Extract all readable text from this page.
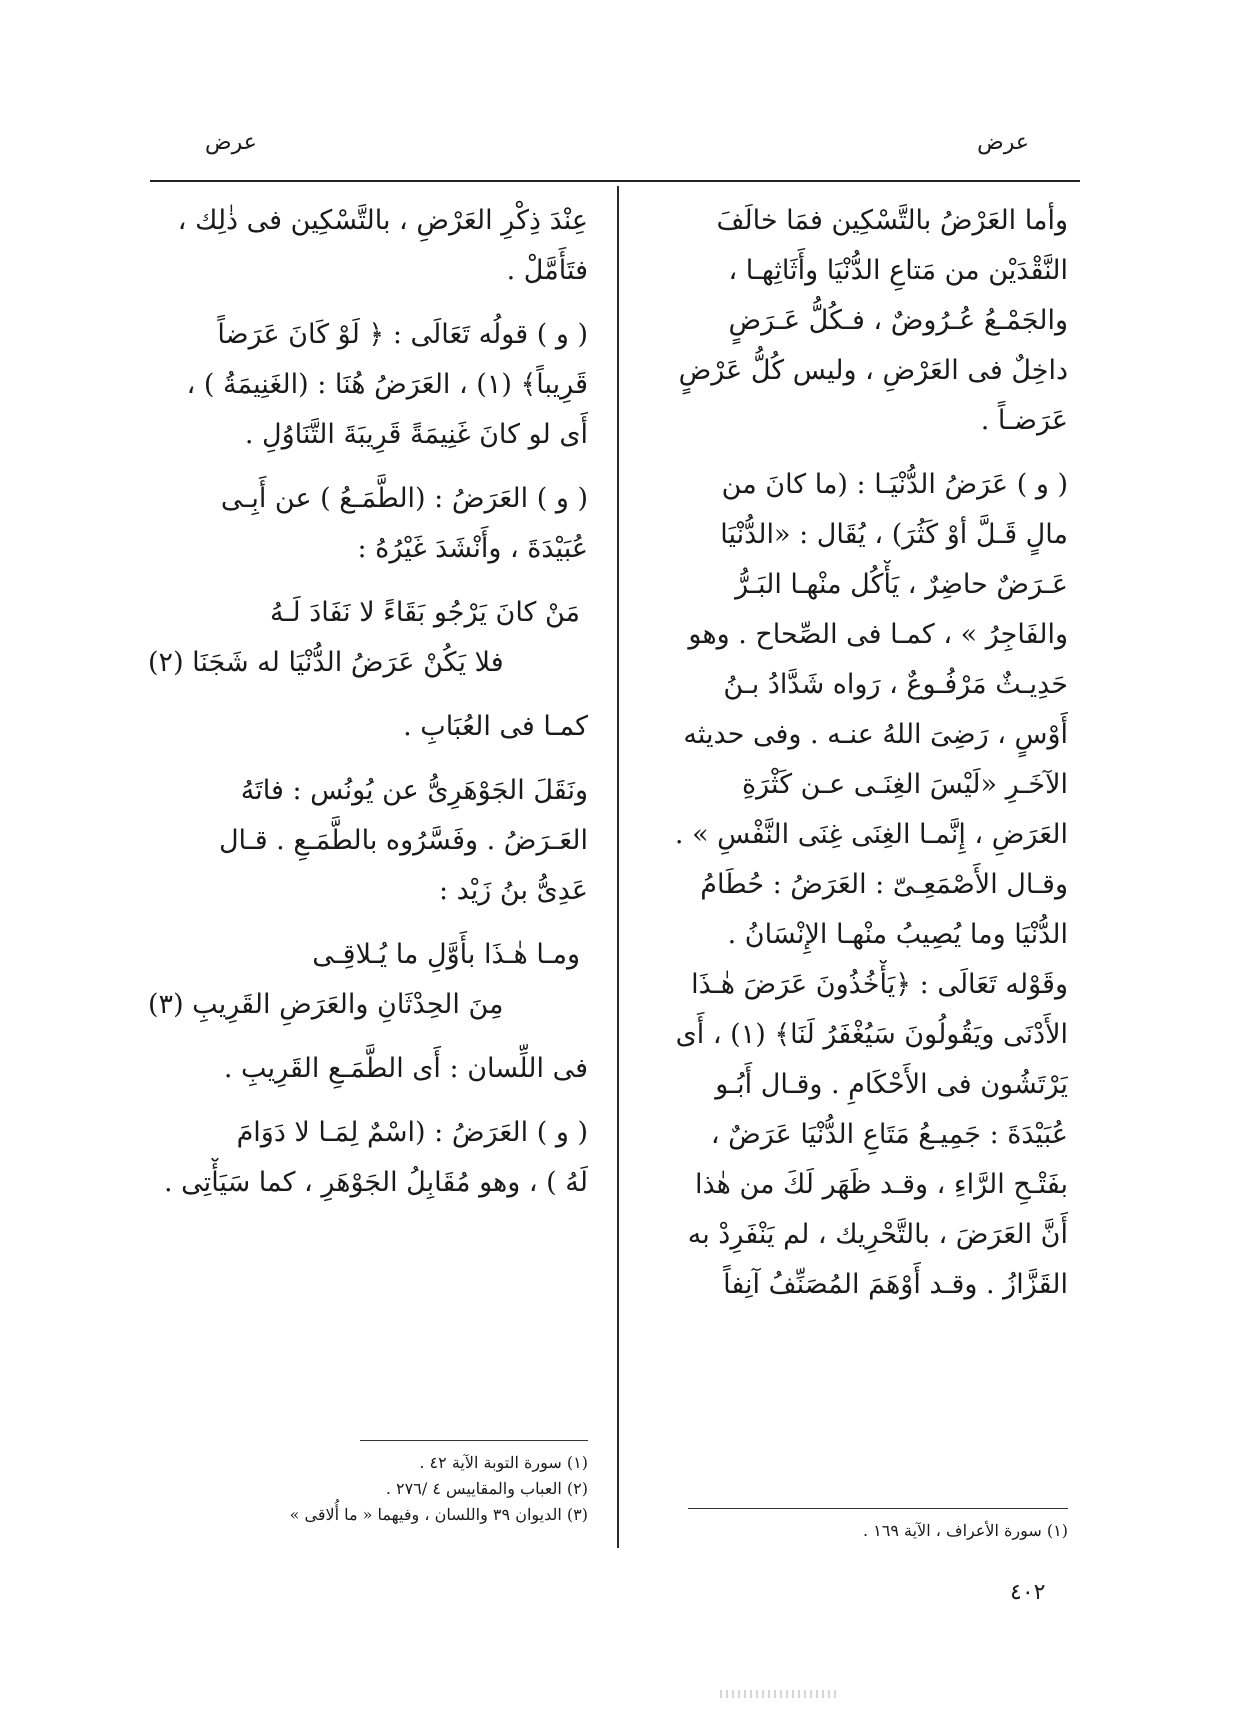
عرض
عرض

وأما العَرْضُ بالتَّسْكِين فمَا خالَفَ
النَّقْدَيْن من مَتاعِ الدُّنْيَا وأَثَاثِهـا ،
والجَمْـعُ عُـرُوضٌ ، فـكُلُّ عَـرَضٍ
داخِلٌ فى العَرْضِ ، وليس كُلُّ عَرْضٍ
عَرَضـاً .

( و ) عَرَضُ الدُّنْيَـا : (ما كانَ من
مالٍ قَـلَّ أوْ كَثُرَ) ، يُقَال : «الدُّنْيَا
عَـرَضٌ حاضِرٌ ، يَأْكُل منْهـا البَـرُّ
والفَاجِرُ » ، كمـا فى الصِّحاح . وهو
حَدِيـثٌ مَرْفُـوعٌ ، رَواه شَدَّادُ بـنُ
أَوْسٍ ، رَضِىَ اللهُ عنـه . وفى حديثه
الآخَـرِ «لَيْسَ الغِنَـى عـن كَثْرَةِ
العَرَضِ ، إِنَّمـا الغِنَى غِنَى النَّفْسِ » .
وقـال الأَصْمَعِـىّ : العَرَضُ : حُطَامُ
الدُّنْيَا وما يُصِيبُ منْهـا الإِنْسَانُ .
وقَوْله تَعَالَى : ﴿يَأْخُذُونَ عَرَضَ هٰـذَا
الأَدْنَى ويَقُولُونَ سَيُغْفَرُ لَنَا﴾ (١) ، أَى
يَرْتَشُون فى الأَحْكَامِ . وقـال أَبُـو
عُبَيْدَةَ : جَمِيـعُ مَتَاعِ الدُّنْيَا عَرَضٌ ،
بفَتْـحِ الرَّاءِ ، وقـد ظَهَر لَكَ من هٰذا
أَنَّ العَرَضَ ، بالتَّحْرِيك ، لم يَنْفَرِدْ به
القَزَّازُ . وقـد أَوْهَمَ المُصَنِّفُ آنِفاً

عِنْدَ ذِكْرِ العَرْضِ ، بالتَّسْكِين فى ذٰلِك ،
فتَأَمَّلْ .

( و ) قولُه تَعَالَى : ﴿ لَوْ كَانَ عَرَضاً
قَرِيباً﴾ (١) ، العَرَضُ هُنَا : (الغَنِيمَةُ ) ،
أَى لو كانَ غَنِيمَةً قَرِيبَةَ التَّنَاوُلِ .

( و ) العَرَضُ : (الطَّمَـعُ ) عن أَبِـى
عُبَيْدَةَ ، وأَنْشَدَ غَيْرُهُ :

مَنْ كانَ يَرْجُو بَقَاءً لا نَفَادَ لَـهُ
فلا يَكُنْ عَرَضُ الدُّنْيَا له شَجَنَا (٢)

كمـا فى العُبَابِ .

ونَقَلَ الجَوْهَرِىُّ عن يُونُس : فاتَهُ
العَـرَضُ . وفَسَّرُوه بالطَّمَـعِ . قـال
عَدِىُّ بنُ زَيْد :

ومـا هٰـذَا بأَوَّلِ ما يُـلاقِـى
مِنَ الحِدْثَانِ والعَرَضِ القَرِيبِ (٣)

فى اللِّسان : أَى الطَّمَـعِ القَرِيبِ .

( و ) العَرَضُ : (اسْمٌ لِمَـا لا دَوَامَ
لَهُ ) ، وهو مُقَابِلُ الجَوْهَرِ ، كما سَيَأْتِى .

(١) سورة التوبة الآية ٤٢ .
(٢) العباب والمقاييس ٤ /٢٧٦ .
(٣) الديوان ٣٩ واللسان ، وفيهما « ما أُلاقى »
(١) سورة الأعراف ، الآية ١٦٩ .
٤٠٢
